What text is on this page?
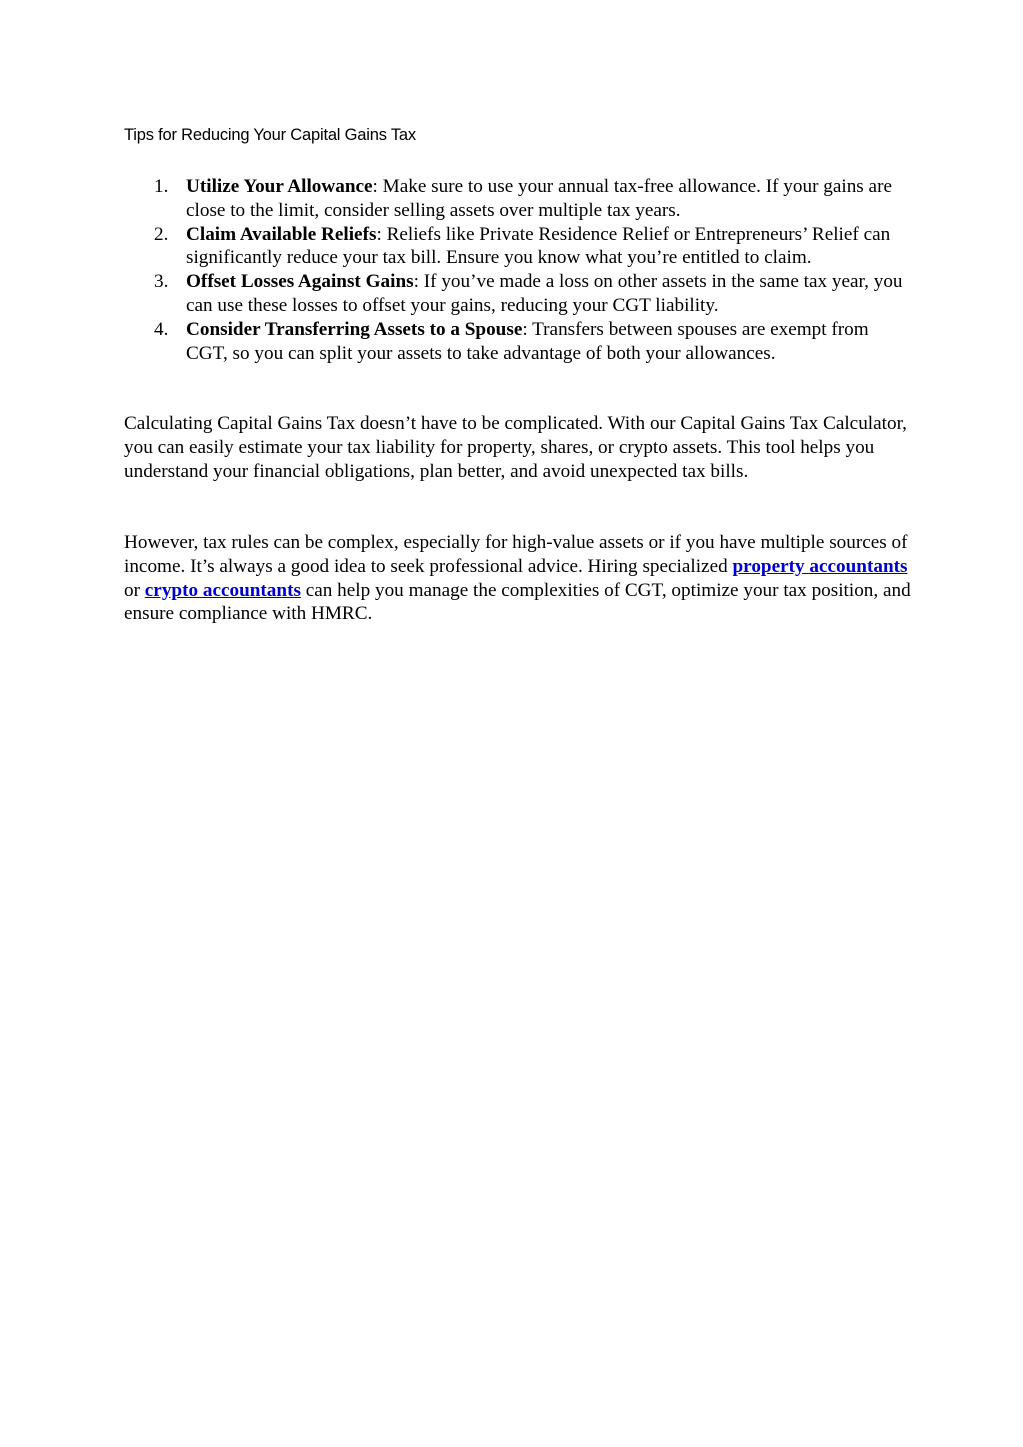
Tips for Reducing Your Capital Gains Tax
1. Utilize Your Allowance: Make sure to use your annual tax-free allowance. If your gains are close to the limit, consider selling assets over multiple tax years.
2. Claim Available Reliefs: Reliefs like Private Residence Relief or Entrepreneurs’ Relief can significantly reduce your tax bill. Ensure you know what you’re entitled to claim.
3. Offset Losses Against Gains: If you’ve made a loss on other assets in the same tax year, you can use these losses to offset your gains, reducing your CGT liability.
4. Consider Transferring Assets to a Spouse: Transfers between spouses are exempt from CGT, so you can split your assets to take advantage of both your allowances.

Calculating Capital Gains Tax doesn’t have to be complicated. With our Capital Gains Tax Calculator, you can easily estimate your tax liability for property, shares, or crypto assets. This tool helps you understand your financial obligations, plan better, and avoid unexpected tax bills.

However, tax rules can be complex, especially for high-value assets or if you have multiple sources of income. It’s always a good idea to seek professional advice. Hiring specialized property accountants or crypto accountants can help you manage the complexities of CGT, optimize your tax position, and ensure compliance with HMRC.
